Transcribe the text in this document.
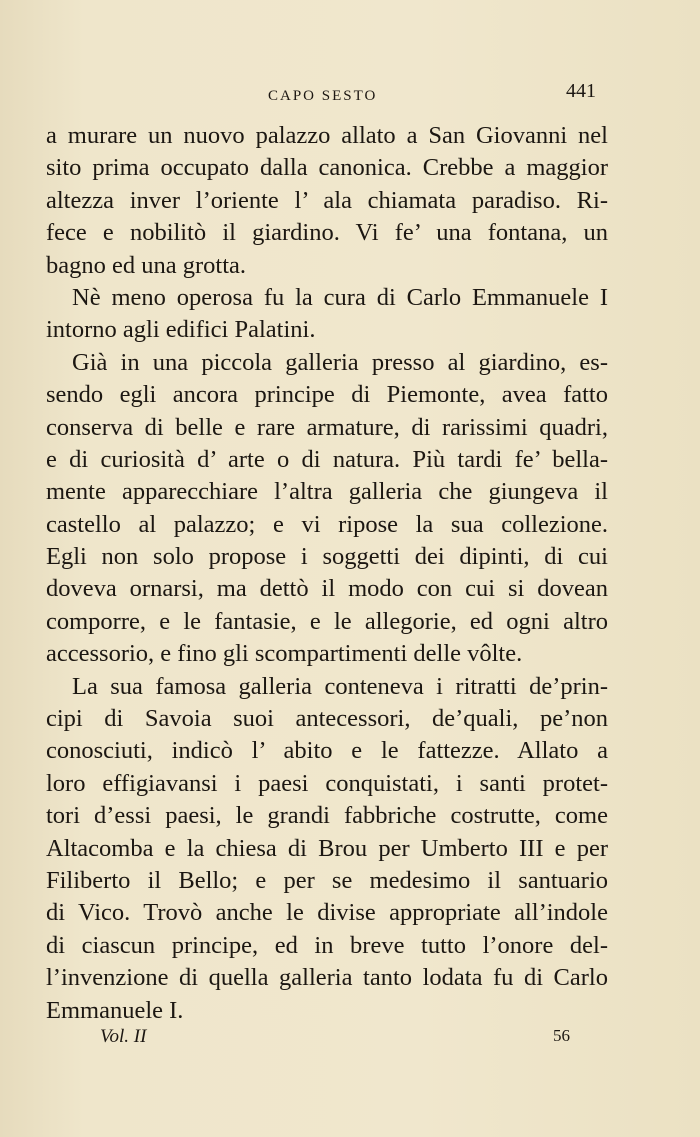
CAPO SESTO	441
a murare un nuovo palazzo allato a San Giovanni nel
sito prima occupato dalla canonica. Crebbe a maggior
altezza inver l’oriente l’ ala chiamata paradiso. Ri-
fece e nobilitò il giardino. Vi fe’ una fontana, un
bagno ed una grotta.
Nè meno operosa fu la cura di Carlo Emmanuele I
intorno agli edifici Palatini.
Già in una piccola galleria presso al giardino, es-
sendo egli ancora principe di Piemonte, avea fatto
conserva di belle e rare armature, di rarissimi quadri,
e di curiosità d’ arte o di natura. Più tardi fe’ bella-
mente apparecchiare l’altra galleria che giungeva il
castello al palazzo; e vi ripose la sua collezione.
Egli non solo propose i soggetti dei dipinti, di cui
doveva ornarsi, ma dettò il modo con cui si dovean
comporre, e le fantasie, e le allegorie, ed ogni altro
accessorio, e fino gli scompartimenti delle vôlte.
La sua famosa galleria conteneva i ritratti de’prin-
cipi di Savoia suoi antecessori, de’quali, pe’non
conosciuti, indicò l’ abito e le fattezze. Allato a
loro effigiavansi i paesi conquistati, i santi protet-
tori d’essi paesi, le grandi fabbriche costrutte, come
Altacomba e la chiesa di Brou per Umberto III e per
Filiberto il Bello; e per se medesimo il santuario
di Vico. Trovò anche le divise appropriate all’indole
di ciascun principe, ed in breve tutto l’onore del-
l’invenzione di quella galleria tanto lodata fu di Carlo
Emmanuele I.
Vol. II	56
